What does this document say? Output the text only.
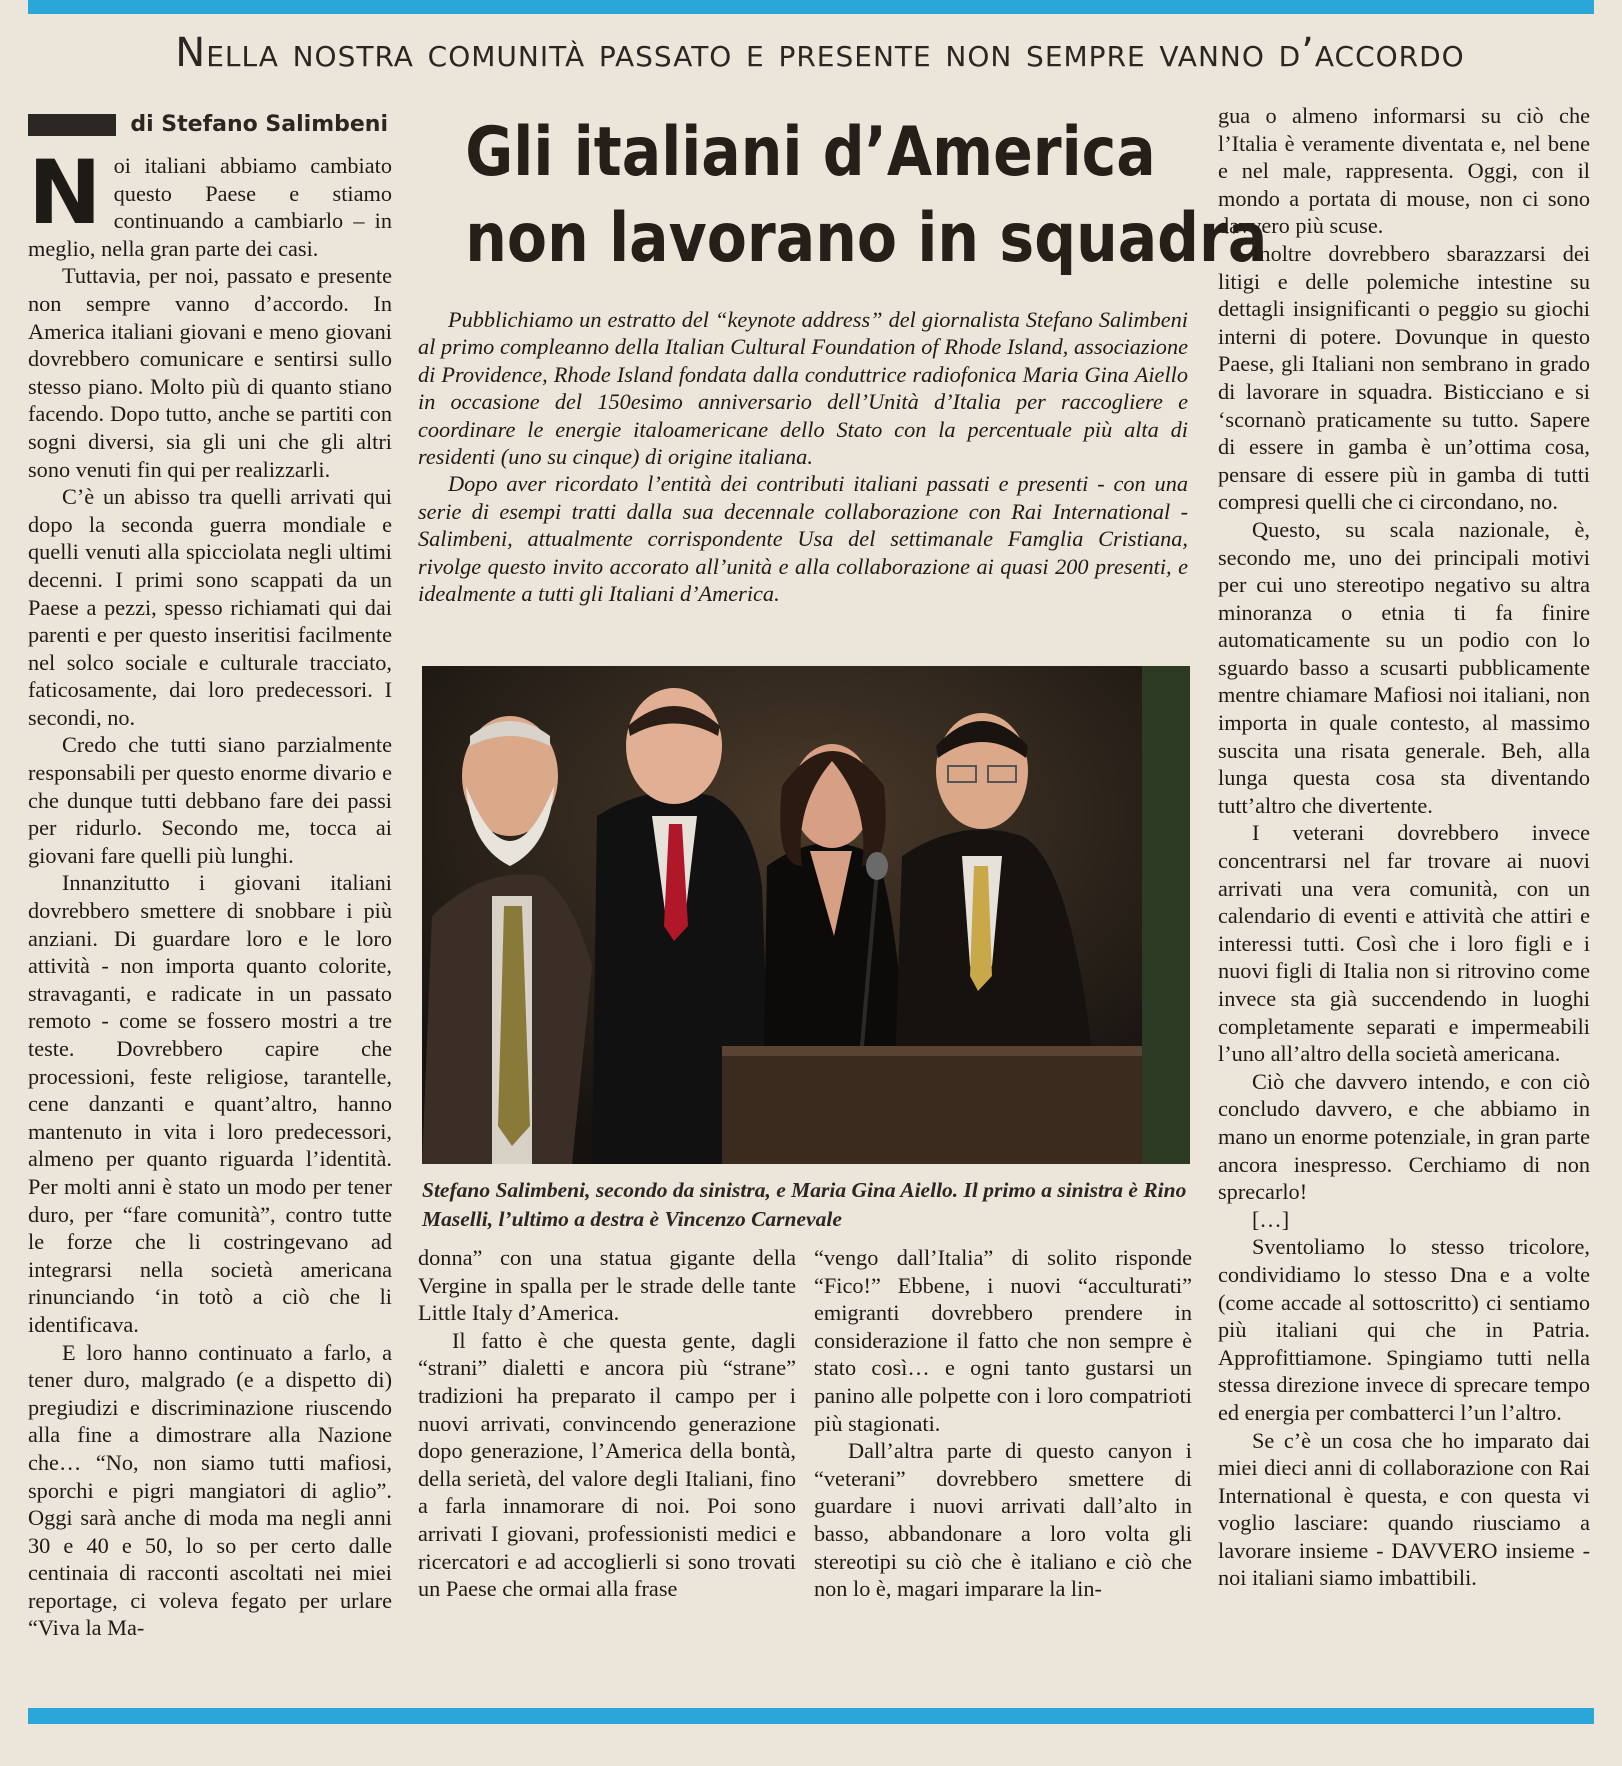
Nella nostra comunità passato e presente non sempre vanno d’accordo
di Stefano Salimbeni

Noi italiani abbiamo cambiato questo Paese e stiamo continuando a cambiarlo – in meglio, nella gran parte dei casi.

Tuttavia, per noi, passato e presente non sempre vanno d’accordo. In America italiani giovani e meno giovani dovrebbero comunicare e sentirsi sullo stesso piano. Molto più di quanto stiano facendo. Dopo tutto, anche se partiti con sogni diversi, sia gli uni che gli altri sono venuti fin qui per realizzarli.

C’è un abisso tra quelli arrivati qui dopo la seconda guerra mondiale e quelli venuti alla spicciolata negli ultimi decenni. I primi sono scappati da un Paese a pezzi, spesso richiamati qui dai parenti e per questo inseritisi facilmente nel solco sociale e culturale tracciato, faticosamente, dai loro predecessori. I secondi, no.

Credo che tutti siano parzialmente responsabili per questo enorme divario e che dunque tutti debbano fare dei passi per ridurlo. Secondo me, tocca ai giovani fare quelli più lunghi.

Innanzitutto i giovani italiani dovrebbero smettere di snobbare i più anziani. Di guardare loro e le loro attività - non importa quanto colorite, stravaganti, e radicate in un passato remoto - come se fossero mostri a tre teste. Dovrebbero capire che processioni, feste religiose, tarantelle, cene danzanti e quant’altro, hanno mantenuto in vita i loro predecessori, almeno per quanto riguarda l’identità. Per molti anni è stato un modo per tener duro, per “fare comunità”, contro tutte le forze che li costringevano ad integrarsi nella società americana rinunciando ‘in totò a ciò che li identificava.

E loro hanno continuato a farlo, a tener duro, malgrado (e a dispetto di) pregiudizi e discriminazione riuscendo alla fine a dimostrare alla Nazione che… “No, non siamo tutti mafiosi, sporchi e pigri mangiatori di aglio”. Oggi sarà anche di moda ma negli anni 30 e 40 e 50, lo so per certo dalle centinaia di racconti ascoltati nei miei reportage, ci voleva fegato per urlare “Viva la Ma-

Gli italiani d’America
non lavorano in squadra

Pubblichiamo un estratto del “keynote address” del giornalista Stefano Salimbeni al primo compleanno della Italian Cultural Foundation of Rhode Island, associazione di Providence, Rhode Island fondata dalla conduttrice radiofonica Maria Gina Aiello in occasione del 150esimo anniversario dell’Unità d’Italia per raccogliere e coordinare le energie italoamericane dello Stato con la percentuale più alta di residenti (uno su cinque) di origine italiana.

Dopo aver ricordato l’entità dei contributi italiani passati e presenti - con una serie di esempi tratti dalla sua decennale collaborazione con Rai International - Salimbeni, attualmente corrispondente Usa del settimanale Famglia Cristiana, rivolge questo invito accorato all’unità e alla collaborazione ai quasi 200 presenti, e idealmente a tutti gli Italiani d’America.

Stefano Salimbeni, secondo da sinistra, e Maria Gina Aiello. Il primo a sinistra è Rino Maselli, l’ultimo a destra è Vincenzo Carnevale

donna” con una statua gigante della Vergine in spalla per le strade delle tante Little Italy d’America.

Il fatto è che questa gente, dagli “strani” dialetti e ancora più “strane” tradizioni ha preparato il campo per i nuovi arrivati, convincendo generazione dopo generazione, l’America della bontà, della serietà, del valore degli Italiani, fino a farla innamorare di noi. Poi sono arrivati I giovani, professionisti medici e ricercatori e ad accoglierli si sono trovati un Paese che ormai alla frase

“vengo dall’Italia” di solito risponde “Fico!” Ebbene, i nuovi “acculturati” emigranti dovrebbero prendere in considerazione il fatto che non sempre è stato così… e ogni tanto gustarsi un panino alle polpette con i loro compatrioti più stagionati.

Dall’altra parte di questo canyon i “veterani” dovrebbero smettere di guardare i nuovi arrivati dall’alto in basso, abbandonare a loro volta gli stereotipi su ciò che è italiano e ciò che non lo è, magari imparare la lin-

gua o almeno informarsi su ciò che l’Italia è veramente diventata e, nel bene e nel male, rappresenta. Oggi, con il mondo a portata di mouse, non ci sono davvero più scuse.

Inoltre dovrebbero sbarazzarsi dei litigi e delle polemiche intestine su dettagli insignificanti o peggio su giochi interni di potere. Dovunque in questo Paese, gli Italiani non sembrano in grado di lavorare in squadra. Bisticciano e si ‘scornanò praticamente su tutto. Sapere di essere in gamba è un’ottima cosa, pensare di essere più in gamba di tutti compresi quelli che ci circondano, no.

Questo, su scala nazionale, è, secondo me, uno dei principali motivi per cui uno stereotipo negativo su altra minoranza o etnia ti fa finire automaticamente su un podio con lo sguardo basso a scusarti pubblicamente mentre chiamare Mafiosi noi italiani, non importa in quale contesto, al massimo suscita una risata generale. Beh, alla lunga questa cosa sta diventando tutt’altro che divertente.

I veterani dovrebbero invece concentrarsi nel far trovare ai nuovi arrivati una vera comunità, con un calendario di eventi e attività che attiri e interessi tutti. Così che i loro figli e i nuovi figli di Italia non si ritrovino come invece sta già succendendo in luoghi completamente separati e impermeabili l’uno all’altro della società americana.

Ciò che davvero intendo, e con ciò concludo davvero, e che abbiamo in mano un enorme potenziale, in gran parte ancora inespresso. Cerchiamo di non sprecarlo!

[…]

Sventoliamo lo stesso tricolore, condividiamo lo stesso Dna e a volte (come accade al sottoscritto) ci sentiamo più italiani qui che in Patria. Approfittiamone. Spingiamo tutti nella stessa direzione invece di sprecare tempo ed energia per combatterci l’un l’altro.

Se c’è un cosa che ho imparato dai miei dieci anni di collaborazione con Rai International è questa, e con questa vi voglio lasciare: quando riusciamo a lavorare insieme - DAVVERO insieme - noi italiani siamo imbattibili.
